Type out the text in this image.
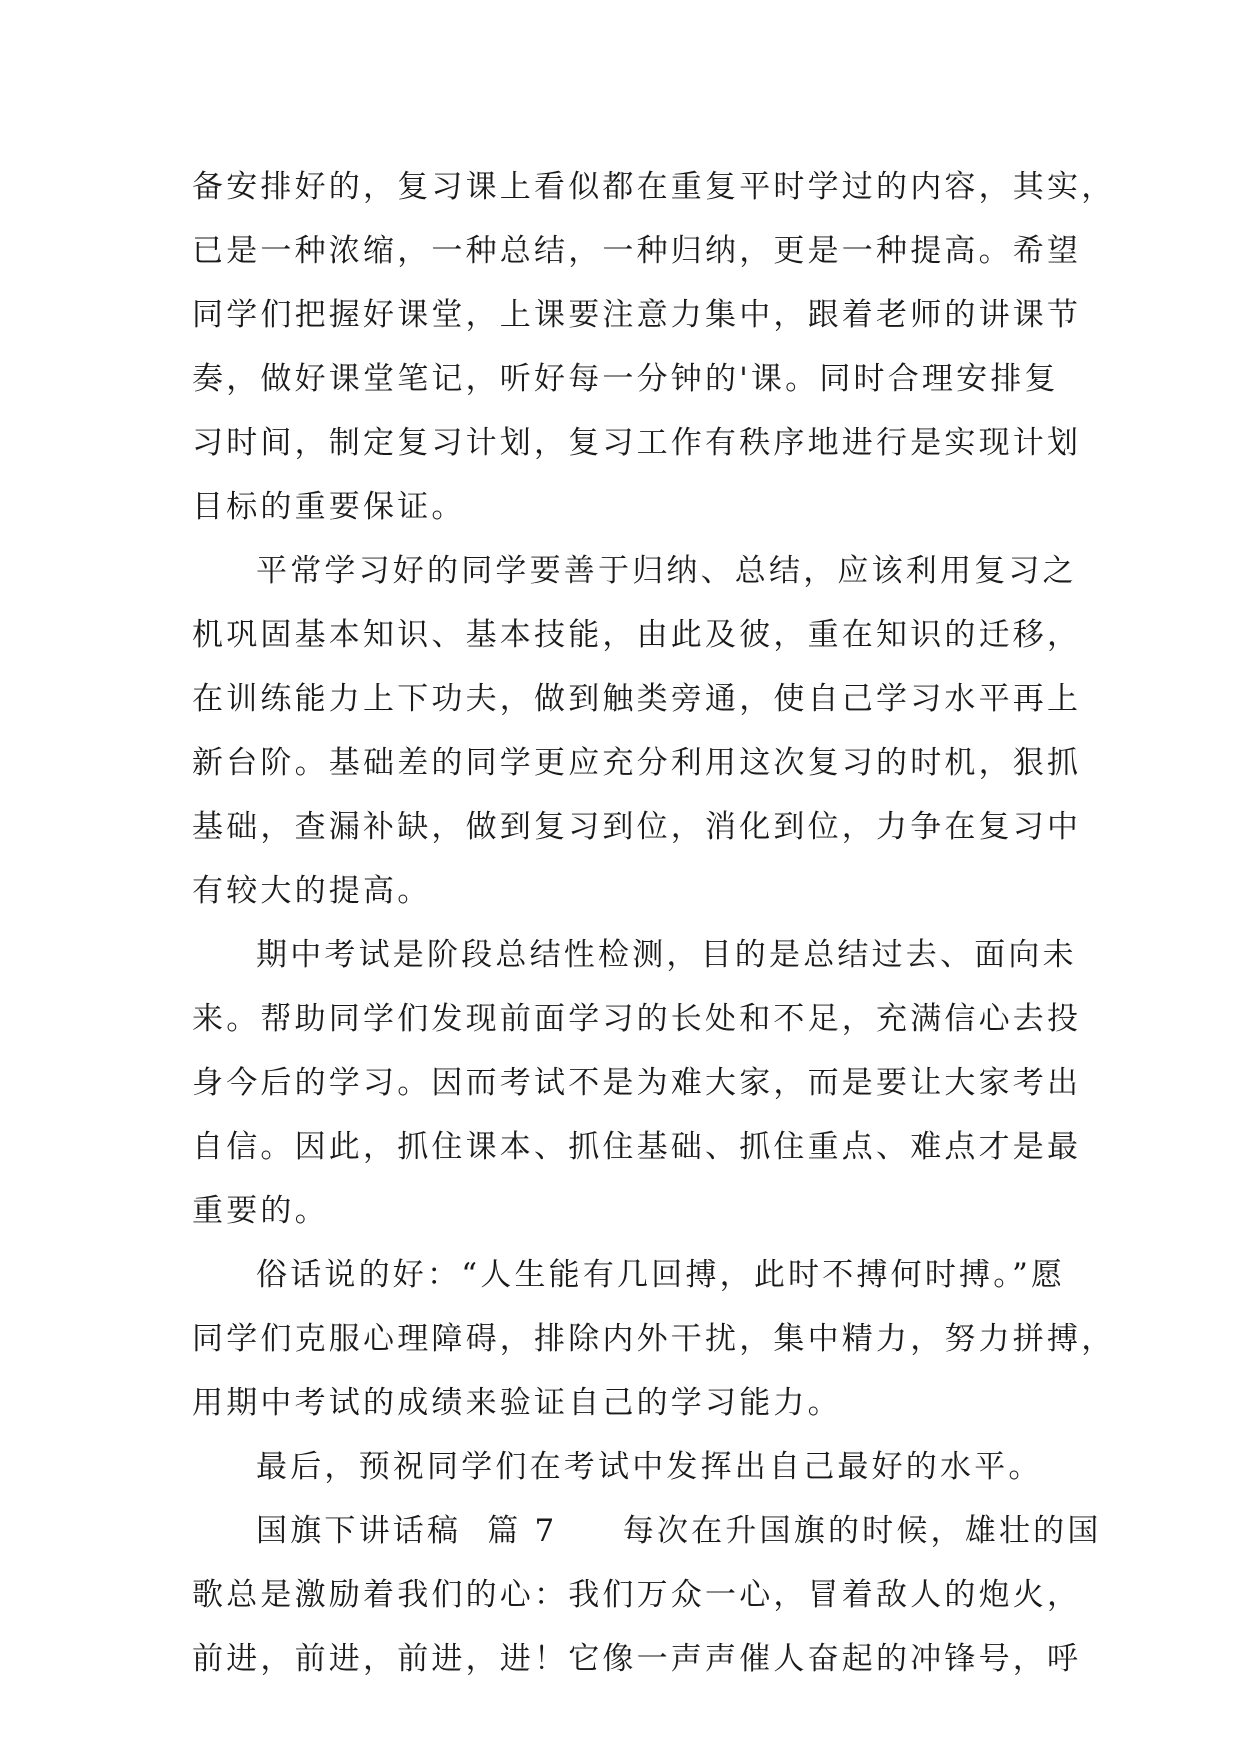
备安排好的，复习课上看似都在重复平时学过的内容，其实，
已是一种浓缩，一种总结，一种归纳，更是一种提高。希望
同学们把握好课堂，上课要注意力集中，跟着老师的讲课节
奏，做好课堂笔记，听好每一分钟的'课。同时合理安排复
习时间，制定复习计划，复习工作有秩序地进行是实现计划
目标的重要保证。
平常学习好的同学要善于归纳、总结，应该利用复习之
机巩固基本知识、基本技能，由此及彼，重在知识的迁移，
在训练能力上下功夫，做到触类旁通，使自己学习水平再上
新台阶。基础差的同学更应充分利用这次复习的时机，狠抓
基础，查漏补缺，做到复习到位，消化到位，力争在复习中
有较大的提高。
期中考试是阶段总结性检测，目的是总结过去、面向未
来。帮助同学们发现前面学习的长处和不足，充满信心去投
身今后的学习。因而考试不是为难大家，而是要让大家考出
自信。因此，抓住课本、抓住基础、抓住重点、难点才是最
重要的。
俗话说的好：“人生能有几回搏，此时不搏何时搏。”愿
同学们克服心理障碍，排除内外干扰，集中精力，努力拼搏，
用期中考试的成绩来验证自己的学习能力。
最后，预祝同学们在考试中发挥出自己最好的水平。
国旗下讲话稿  篇 7     每次在升国旗的时候，雄壮的国
歌总是激励着我们的心：我们万众一心，冒着敌人的炮火，
前进，前进，前进，进！它像一声声催人奋起的冲锋号，呼
